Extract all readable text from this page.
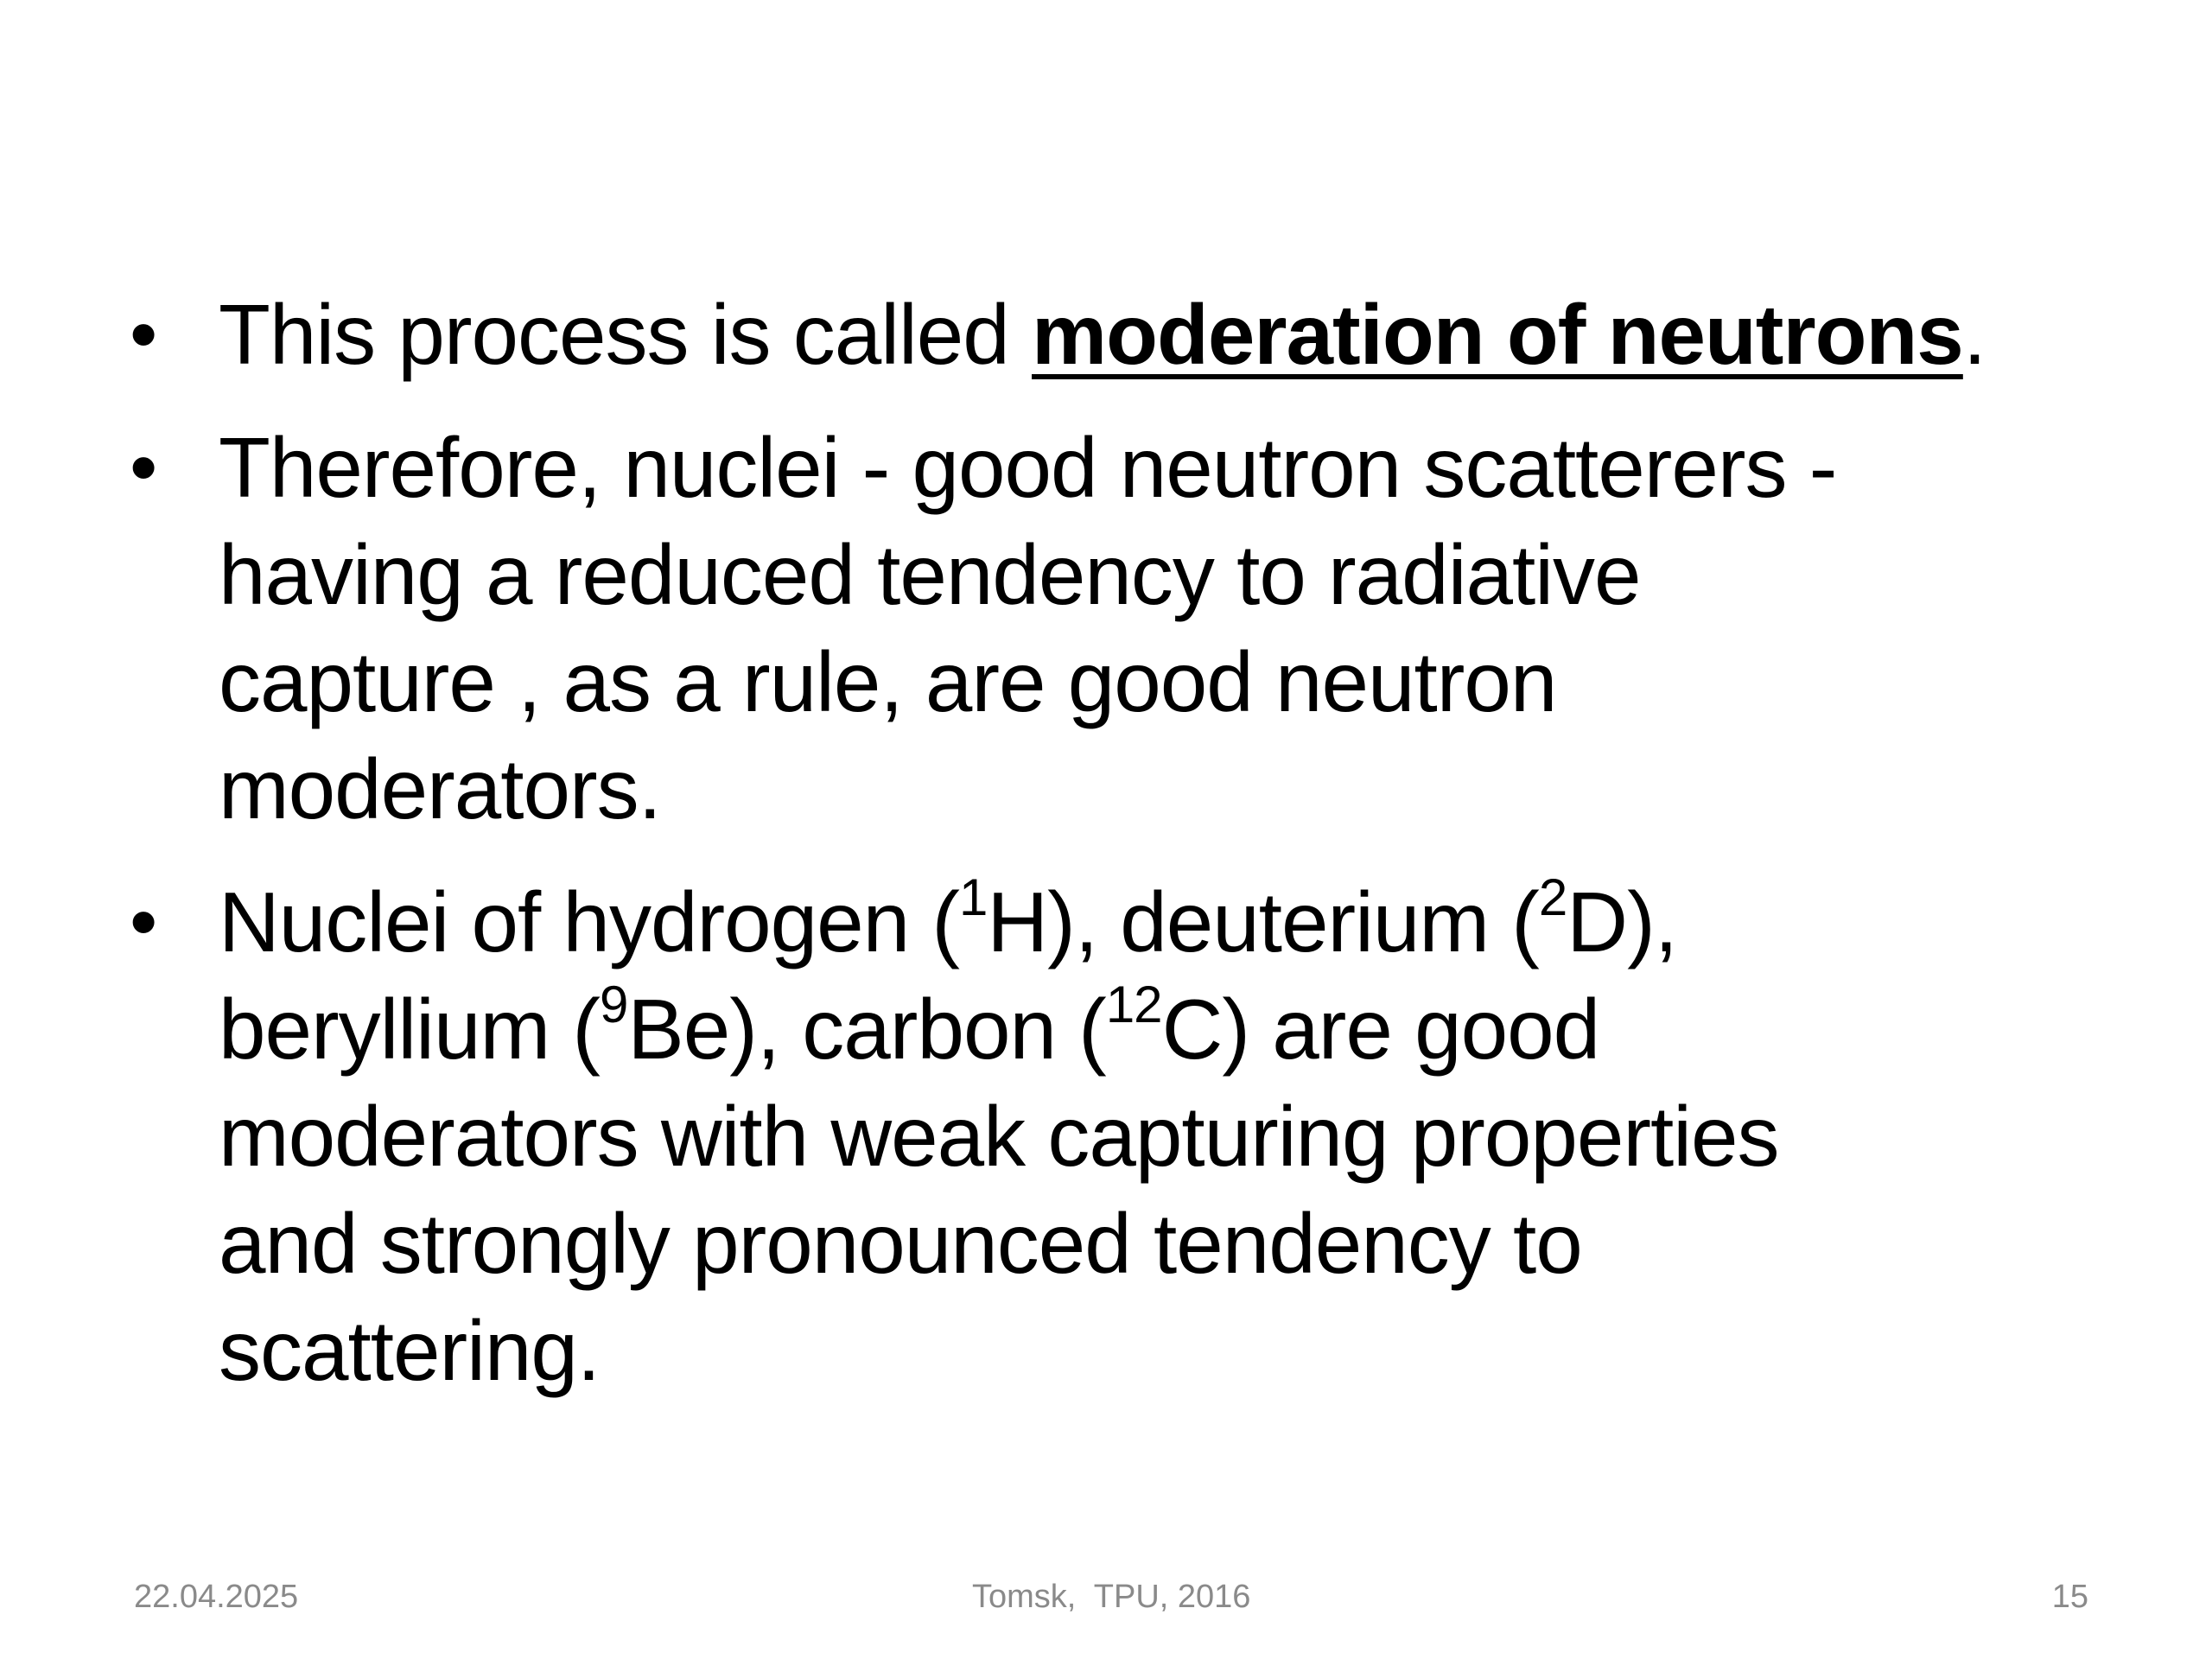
• This process is called moderation of neutrons.
• Therefore, nuclei - good neutron scatterers -
having a reduced tendency to radiative
capture , as a rule, are good neutron
moderators.
• Nuclei of hydrogen ($^1$H), deuterium ($^2$D),
beryllium ($^9$Be), carbon ($^{12}$C) are good
moderators with weak capturing properties
and strongly pronounced tendency to
scattering.
22.04.2025	Tomsk,  TPU, 2016	15
